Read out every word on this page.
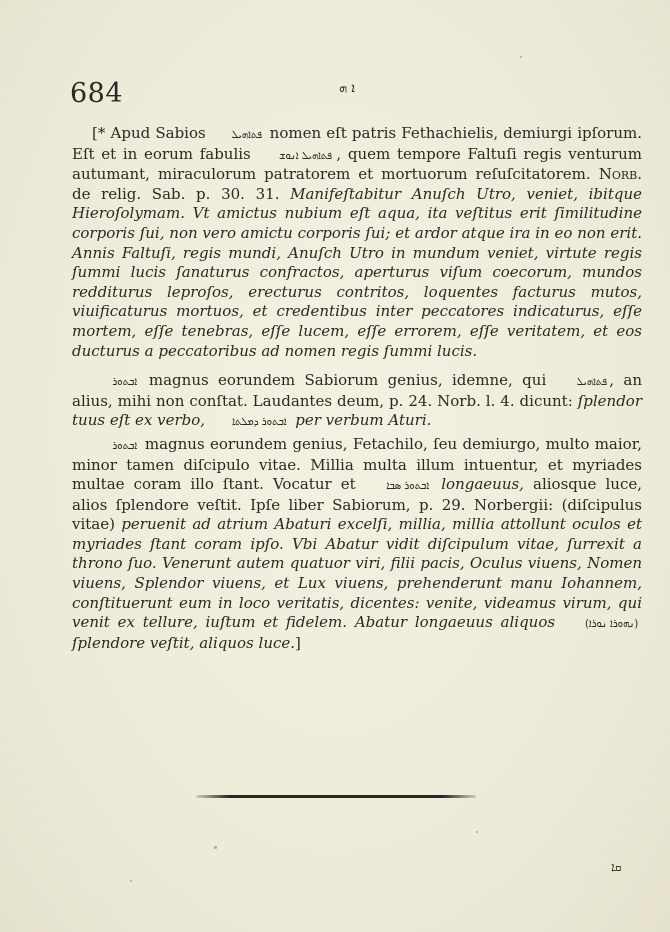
684	ܐ ܗ

[* Apud Sabios ܦܬܐܗܝܠ nomen eſt patris Fethachielis, demiurgi ipſorum. Eſt et in eorum fabulis ܦܬܐܗܝܠ ܐܢܘܫ , quem tempore Faltuſi regis venturum autumant, miraculorum patratorem et mortuorum reſuſcitatorem. Norb. de relig. Sab. p. 30. 31. Manifeſtabitur Anuſch Utro, veniet, ibitque Hieroſolymam. Vt amictus nubium eſt aqua, ita veſtitus erit ſimilitudine corporis ſui, non vero amictu corporis ſui; et ardor atque ira in eo non erit. Annis Faltuſi, regis mundi, Anuſch Utro in mundum veniet, virtute regis ſummi lucis ſanaturus confractos, aperturus viſum coecorum, mundos redditurus leproſos, erecturus contritos, loquentes facturus mutos, viuificaturus mortuos, et credentibus inter peccatores indicaturus, eſſe mortem, eſſe tenebras, eſſe lucem, eſſe errorem, eſſe veritatem, et eos ducturus a peccatoribus ad nomen regis ſummi lucis.

ܐܒܬܘܪ magnus eorundem Sabiorum genius, idemne, qui ܦܬܐܗܝܠ , an alius, mihi non conſtat. Laudantes deum, p. 24. Norb. l. 4. dicunt: ſplendor tuus eſt ex verbo, ܐܒܬܘܪ ܕܡܠܬܐ per verbum Aturi.

ܐܒܬܘܪ magnus eorundem genius, Fetachilo, ſeu demiurgo, multo maior, minor tamen diſcipulo vitae. Millia multa illum intuentur, et myriades multae coram illo ſtant. Vocatur et ܐܒܬܘܪ ܣܒܐ longaeuus, aliosque luce, alios ſplendore veſtit. Ipſe liber Sabiorum, p. 29. Norbergii: (diſcipulus vitae) peruenit ad atrium Abaturi excelſi, millia, millia attollunt oculos et myriades ſtant coram ipſo. Vbi Abatur vidit diſcipulum vitae, ſurrexit a throno ſuo. Venerunt autem quatuor viri, filii pacis, Oculus viuens, Nomen viuens, Splendor viuens, et Lux viuens, prehenderunt manu Iohannem, conſtituerunt eum in loco veritatis, dicentes: venite, videamus virum, qui venit ex tellure, iuſtum et fidelem. Abatur longaeuus aliquos (ܢܗܘܪܐ ܢܘܪܐ) ſplendore veſtit, aliquos luce.]

ܩܐ
